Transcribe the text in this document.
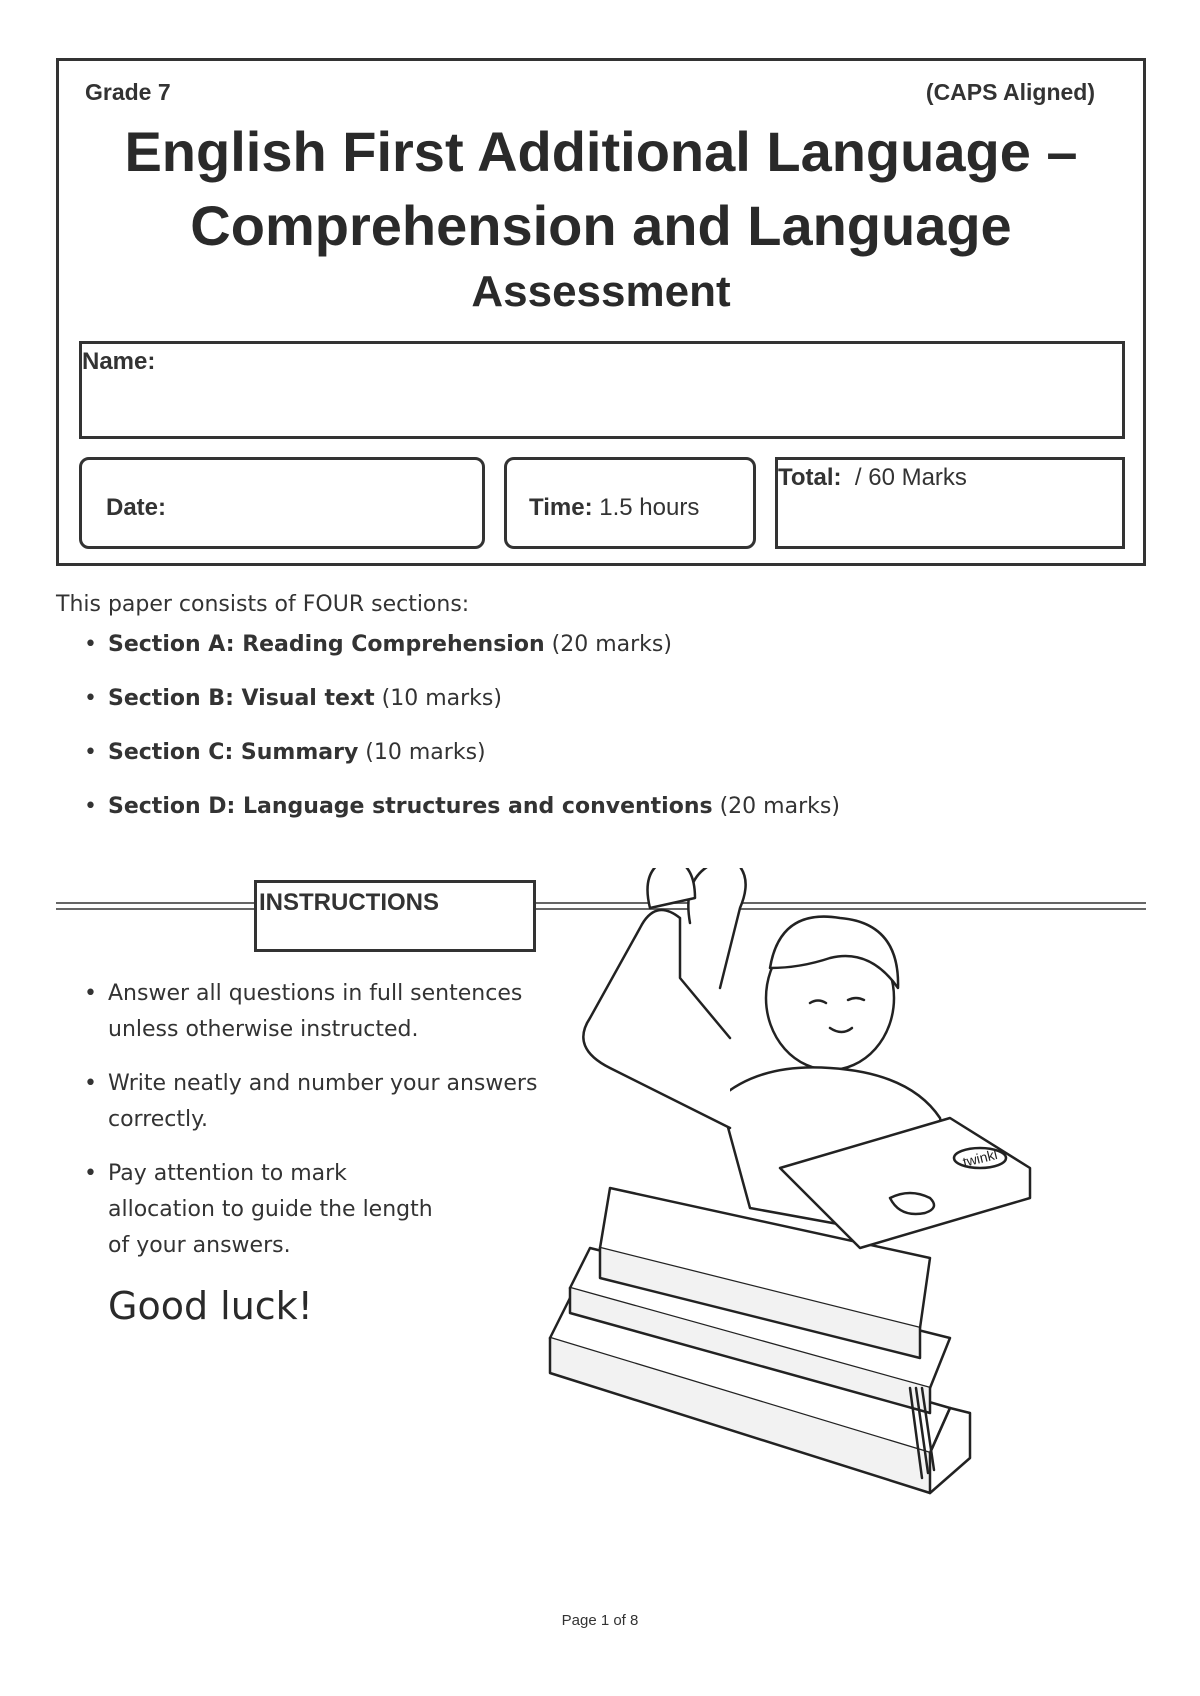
Grade 7	(CAPS Aligned)
English First Additional Language –
Comprehension and Language
Assessment
Name:
Date:	Time: 1.5 hours
Total: / 60 Marks
This paper consists of FOUR sections:
• Section A: Reading Comprehension (20 marks)
• Section B: Visual text (10 marks)
• Section C: Summary (10 marks)
• Section D: Language structures and conventions (20 marks)
INSTRUCTIONS
• Answer all questions in full sentences unless otherwise instructed.
• Write neatly and number your answers correctly.
• Pay attention to mark allocation to guide the length of your answers.
Good luck!
twinkl
Page 1 of 8
